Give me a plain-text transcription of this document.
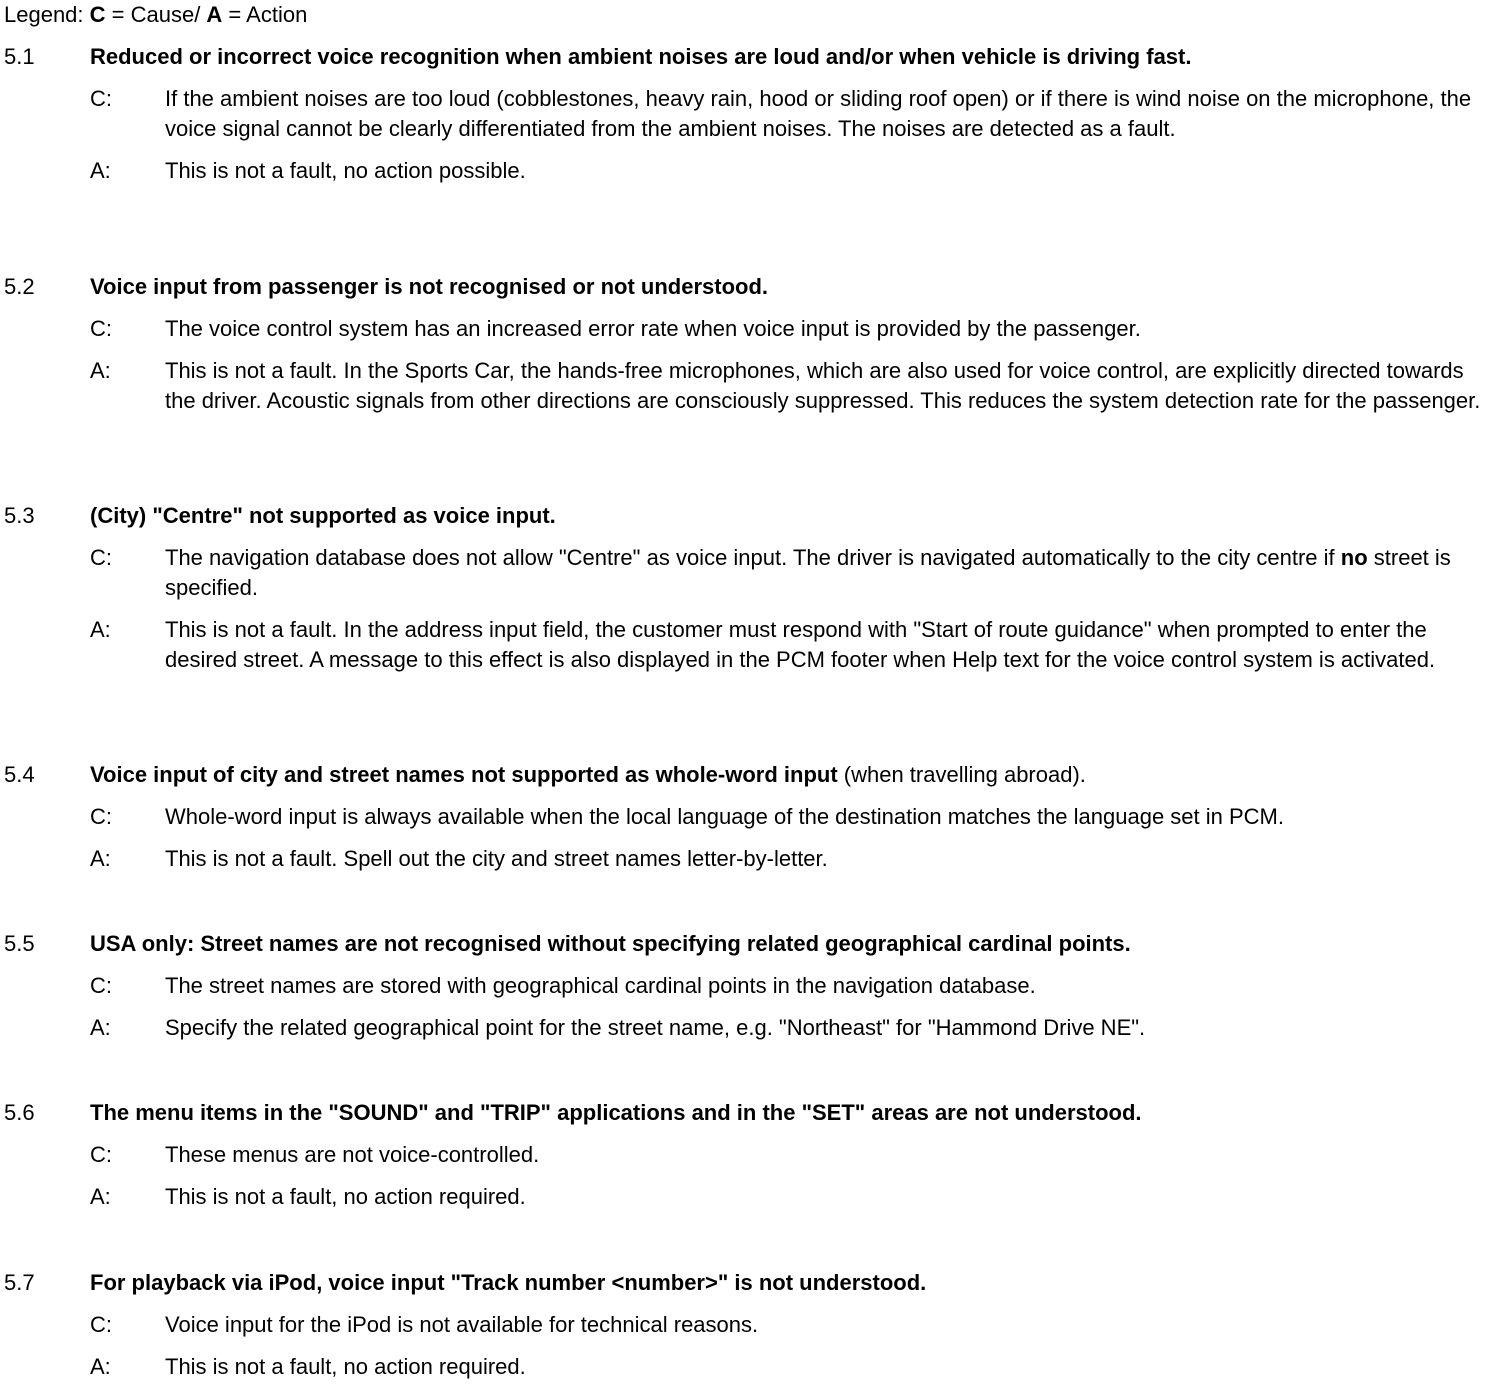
Legend: C = Cause/ A = Action
5.1	Reduced or incorrect voice recognition when ambient noises are loud and/or when vehicle is driving fast.
C: If the ambient noises are too loud (cobblestones, heavy rain, hood or sliding roof open) or if there is wind noise on the microphone, the voice signal cannot be clearly differentiated from the ambient noises. The noises are detected as a fault.
A: This is not a fault, no action possible.
5.2	Voice input from passenger is not recognised or not understood.
C: The voice control system has an increased error rate when voice input is provided by the passenger.
A: This is not a fault. In the Sports Car, the hands-free microphones, which are also used for voice control, are explicitly directed towards the driver. Acoustic signals from other directions are consciously suppressed. This reduces the system detection rate for the passenger.
5.3	(City) "Centre" not supported as voice input.
C: The navigation database does not allow "Centre" as voice input. The driver is navigated automatically to the city centre if no street is specified.
A: This is not a fault. In the address input field, the customer must respond with "Start of route guidance" when prompted to enter the desired street. A message to this effect is also displayed in the PCM footer when Help text for the voice control system is activated.
5.4	Voice input of city and street names not supported as whole-word input (when travelling abroad).
C: Whole-word input is always available when the local language of the destination matches the language set in PCM.
A: This is not a fault. Spell out the city and street names letter-by-letter.
5.5	USA only: Street names are not recognised without specifying related geographical cardinal points.
C: The street names are stored with geographical cardinal points in the navigation database.
A: Specify the related geographical point for the street name, e.g. "Northeast" for "Hammond Drive NE".
5.6	The menu items in the "SOUND" and "TRIP" applications and in the "SET" areas are not understood.
C: These menus are not voice-controlled.
A: This is not a fault, no action required.
5.7	For playback via iPod, voice input "Track number <number>" is not understood.
C: Voice input for the iPod is not available for technical reasons.
A: This is not a fault, no action required.
